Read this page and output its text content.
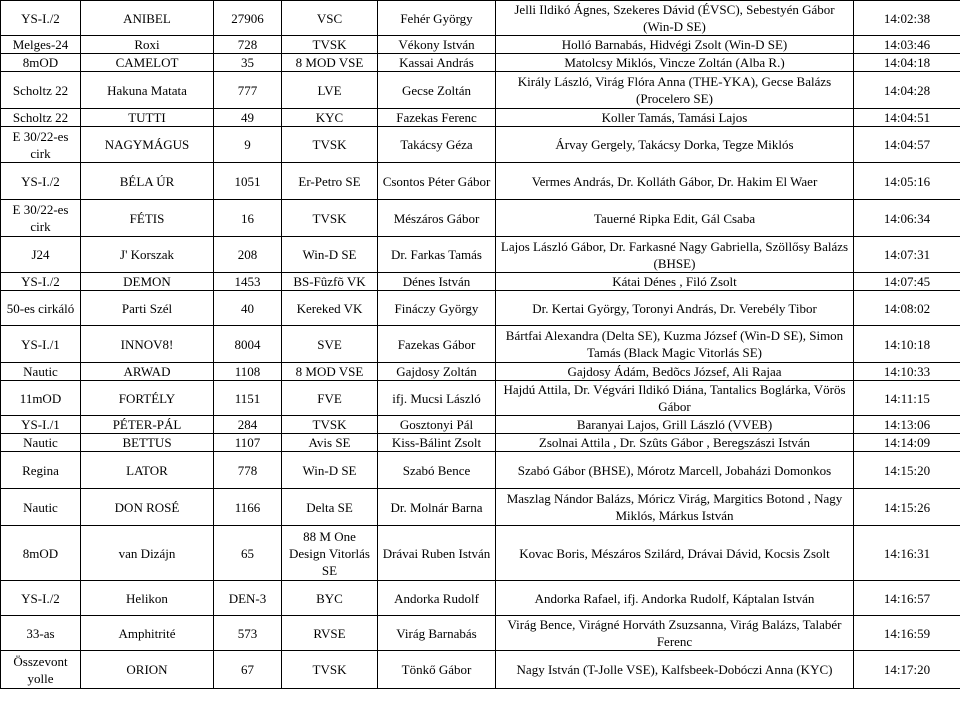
YS-I./2	ANIBEL	27906	VSC	Fehér György	Jelli Ildikó Ágnes, Szekeres Dávid (ÉVSC), Sebestyén Gábor (Win-D SE)	14:02:38
Melges-24	Roxi	728	TVSK	Vékony István	Holló Barnabás, Hidvégi Zsolt (Win-D SE)	14:03:46
8mOD	CAMELOT	35	8 MOD VSE	Kassai András	Matolcsy Miklós, Vincze Zoltán (Alba R.)	14:04:18
Scholtz 22	Hakuna Matata	777	LVE	Gecse Zoltán	Király László, Virág Flóra Anna (THE-YKA), Gecse Balázs (Procelero SE)	14:04:28
Scholtz 22	TUTTI	49	KYC	Fazekas Ferenc	Koller Tamás, Tamási Lajos	14:04:51
E 30/22-es cirk	NAGYMÁGUS	9	TVSK	Takácsy Géza	Árvay Gergely, Takácsy Dorka, Tegze Miklós	14:04:57
YS-I./2	BÉLA ÚR	1051	Er-Petro SE	Csontos Péter Gábor	Vermes András, Dr. Kolláth Gábor, Dr. Hakim El Waer	14:05:16
E 30/22-es cirk	FÉTIS	16	TVSK	Mészáros Gábor	Tauerné Ripka Edit, Gál Csaba	14:06:34
J24	J' Korszak	208	Win-D SE	Dr. Farkas Tamás	Lajos László Gábor, Dr. Farkasné Nagy Gabriella, Szöllősy Balázs (BHSE)	14:07:31
YS-I./2	DEMON	1453	BS-Fûzfõ VK	Dénes István	Kátai Dénes , Filó Zsolt	14:07:45
50-es cirkáló	Parti Szél	40	Kereked VK	Fináczy György	Dr. Kertai György, Toronyi András, Dr. Verebély Tibor	14:08:02
YS-I./1	INNOV8!	8004	SVE	Fazekas Gábor	Bártfai Alexandra (Delta SE), Kuzma József (Win-D SE), Simon Tamás (Black Magic Vitorlás SE)	14:10:18
Nautic	ARWAD	1108	8 MOD VSE	Gajdosy Zoltán	Gajdosy Ádám, Bedõcs József, Ali Rajaa	14:10:33
11mOD	FORTÉLY	1151	FVE	ifj. Mucsi László	Hajdú Attila, Dr. Végvári Ildikó Diána, Tantalics Boglárka, Vörös Gábor	14:11:15
YS-I./1	PÉTER-PÁL	284	TVSK	Gosztonyi Pál	Baranyai Lajos, Grill László (VVEB)	14:13:06
Nautic	BETTUS	1107	Avis SE	Kiss-Bálint Zsolt	Zsolnai Attila , Dr. Szûts Gábor , Beregszászi István	14:14:09
Regina	LATOR	778	Win-D SE	Szabó Bence	Szabó Gábor (BHSE), Mórotz Marcell, Jobaházi Domonkos	14:15:20
Nautic	DON ROSÉ	1166	Delta SE	Dr. Molnár Barna	Maszlag Nándor Balázs, Móricz Virág, Margitics Botond , Nagy Miklós, Márkus István	14:15:26
8mOD	van Dizájn	65	88 M One Design Vitorlás SE	Drávai Ruben István	Kovac Boris, Mészáros Szilárd, Drávai Dávid, Kocsis Zsolt	14:16:31
YS-I./2	Helikon	DEN-3	BYC	Andorka Rudolf	Andorka Rafael, ifj. Andorka Rudolf, Káptalan István	14:16:57
33-as	Amphitrité	573	RVSE	Virág Barnabás	Virág Bence, Virágné Horváth Zsuzsanna, Virág Balázs, Talabér Ferenc	14:16:59
Összevont yolle	ORION	67	TVSK	Tönkő Gábor	Nagy István (T-Jolle VSE), Kalfsbeek-Dobóczi Anna (KYC)	14:17:20
